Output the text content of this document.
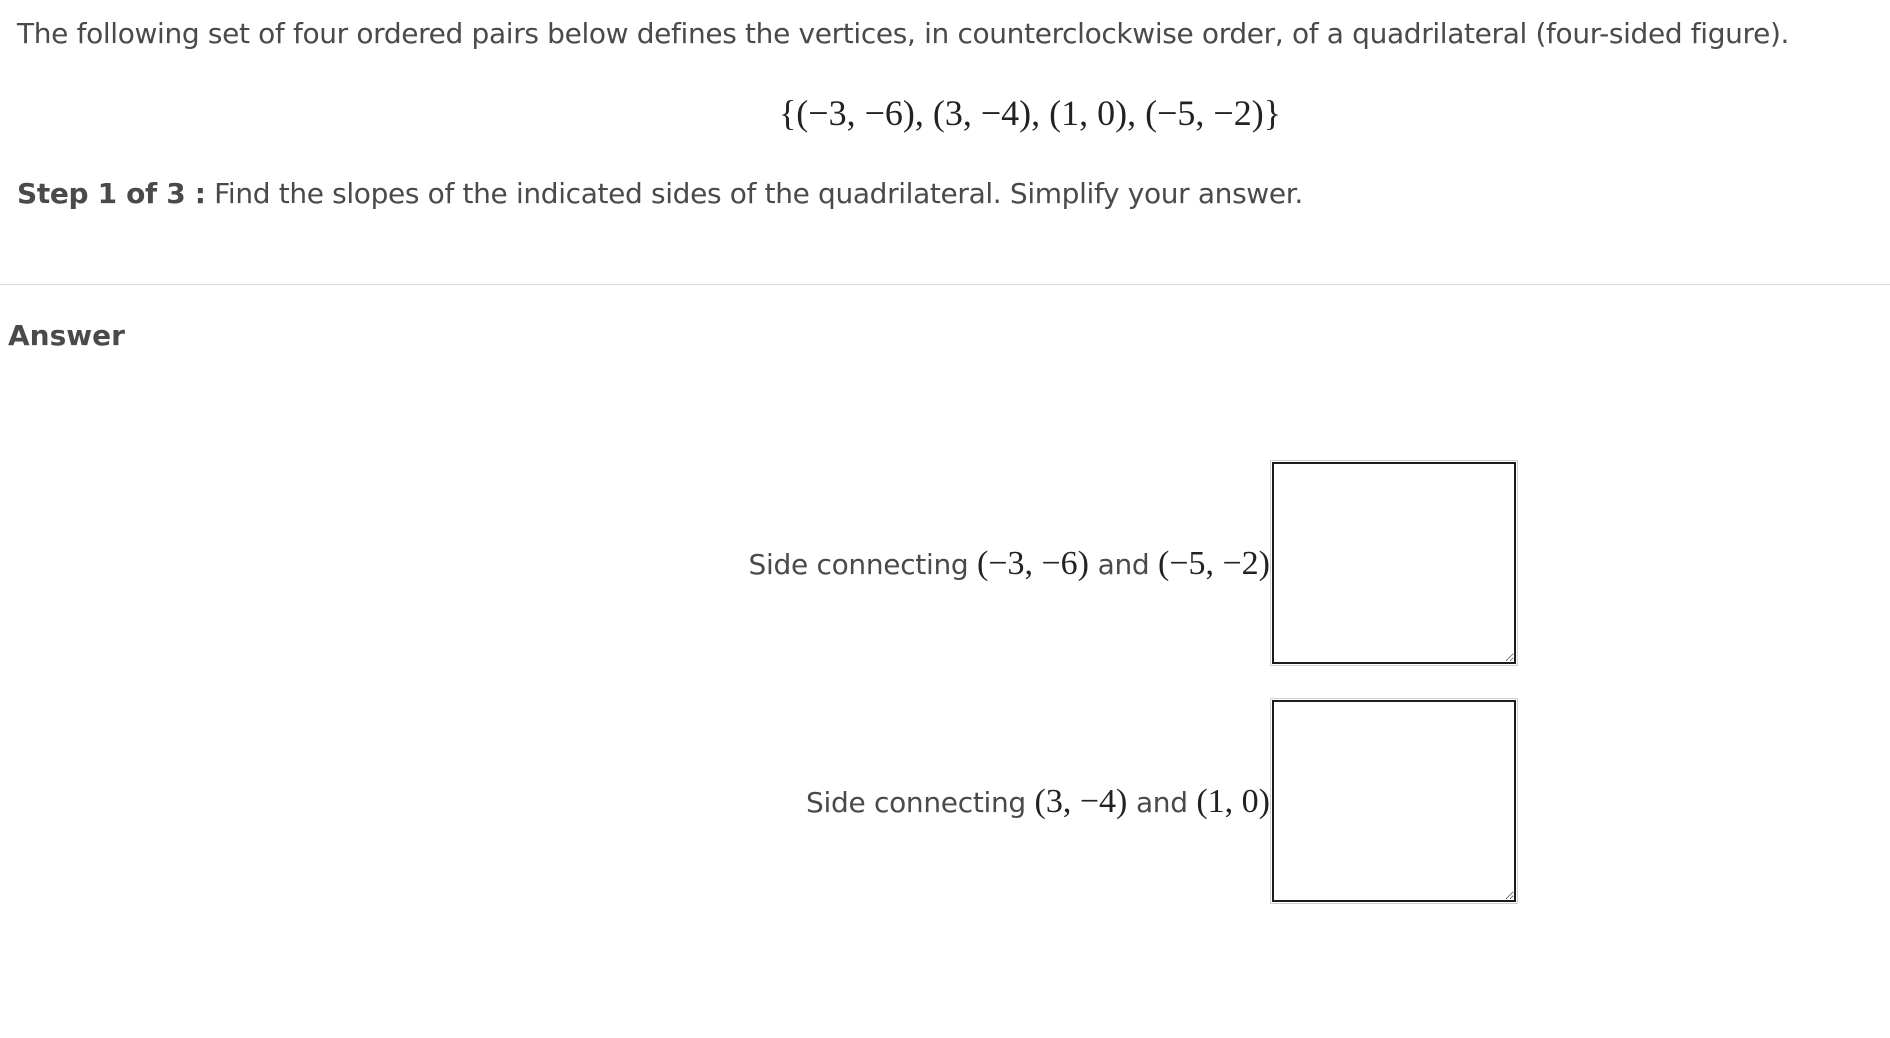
The following set of four ordered pairs below defines the vertices, in counterclockwise order, of a quadrilateral (four-sided figure).
{(−3, −6), (3, −4), (1, 0), (−5, −2)}
Step 1 of 3 : Find the slopes of the indicated sides of the quadrilateral. Simplify your answer.
Answer
Side connecting (−3, −6) and (−5, −2)
Side connecting (3, −4) and (1, 0)
